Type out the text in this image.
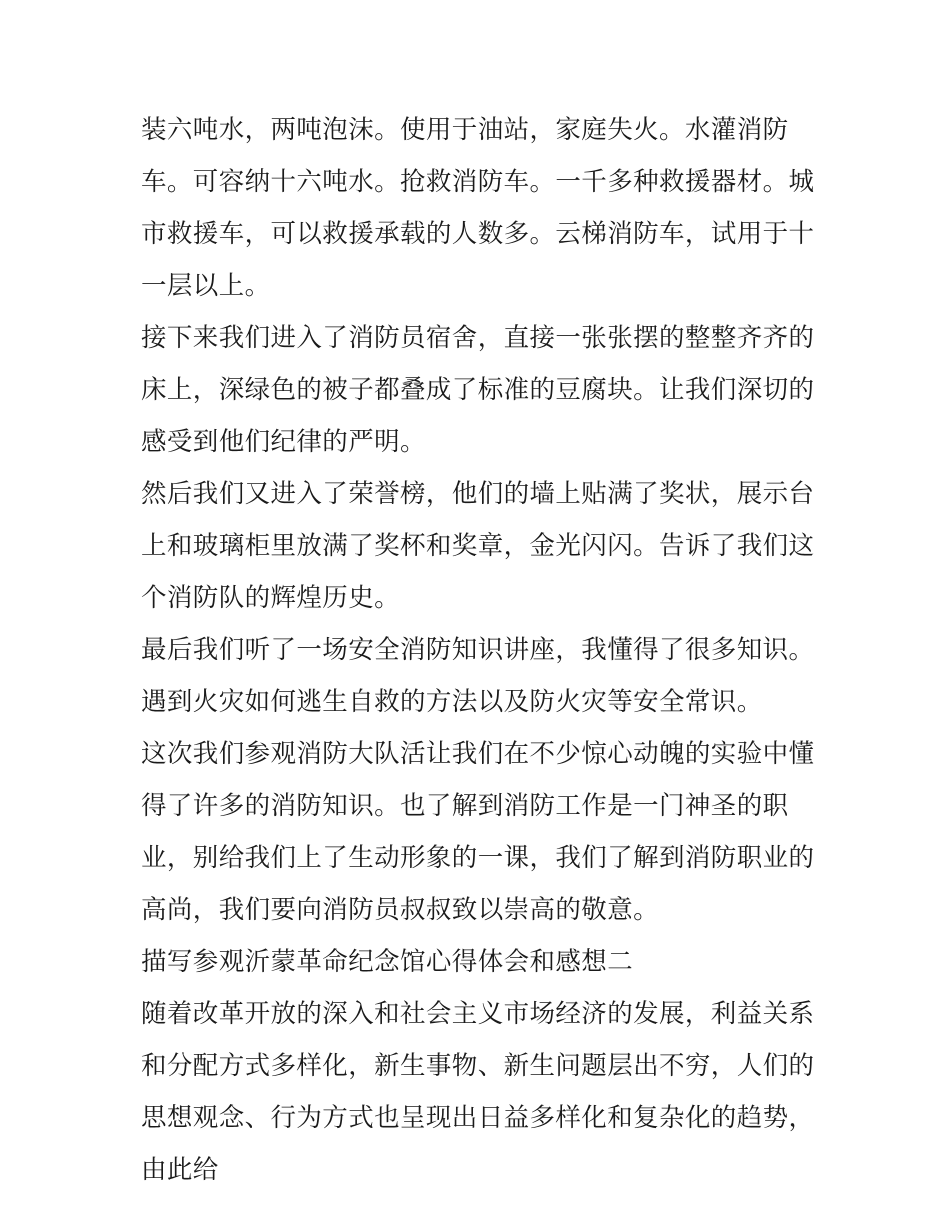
装六吨水，两吨泡沫。使用于油站，家庭失火。水灌消防车。可容纳十六吨水。抢救消防车。一千多种救援器材。城市救援车，可以救援承载的人数多。云梯消防车，试用于十一层以上。

接下来我们进入了消防员宿舍，直接一张张摆的整整齐齐的床上，深绿色的被子都叠成了标准的豆腐块。让我们深切的感受到他们纪律的严明。

然后我们又进入了荣誉榜，他们的墙上贴满了奖状，展示台上和玻璃柜里放满了奖杯和奖章，金光闪闪。告诉了我们这个消防队的辉煌历史。

最后我们听了一场安全消防知识讲座，我懂得了很多知识。遇到火灾如何逃生自救的方法以及防火灾等安全常识。

这次我们参观消防大队活让我们在不少惊心动魄的实验中懂得了许多的消防知识。也了解到消防工作是一门神圣的职业，别给我们上了生动形象的一课，我们了解到消防职业的高尚，我们要向消防员叔叔致以崇高的敬意。

描写参观沂蒙革命纪念馆心得体会和感想二

随着改革开放的深入和社会主义市场经济的发展，利益关系和分配方式多样化，新生事物、新生问题层出不穷，人们的思想观念、行为方式也呈现出日益多样化和复杂化的趋势，由此给
